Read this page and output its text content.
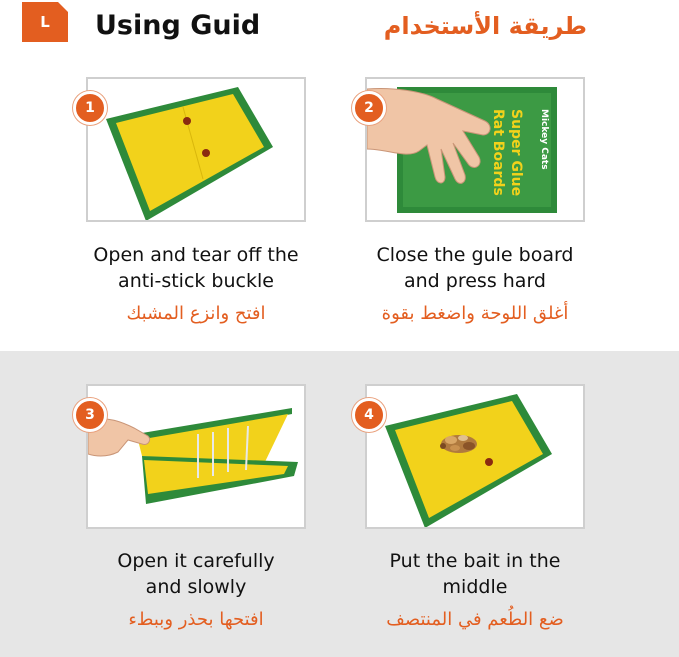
L	Using Guid	طريقة الأستخدام
1
Open and tear off the
anti-stick buckle
افتح وانزع المشبك
Super Glue
Rat Boards	Mickey Cats
2
Close the gule board
and press hard
أغلق اللوحة واضغط بقوة
3
Open it carefully
and slowly
افتحها بحذر وببطء
4
Put the bait in the
middle
ضع الطُعم في المنتصف
